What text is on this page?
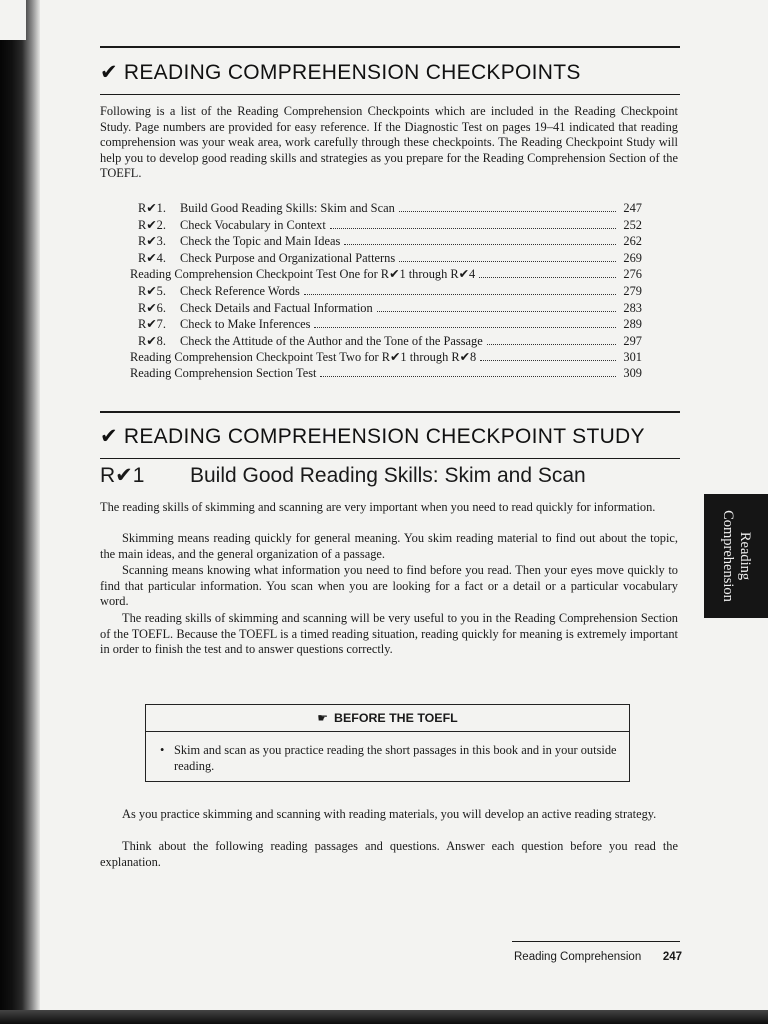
✔ READING COMPREHENSION CHECKPOINTS

Following is a list of the Reading Comprehension Checkpoints which are included in the Reading Checkpoint Study. Page numbers are provided for easy reference. If the Diagnostic Test on pages 19–41 indicated that reading comprehension was your weak area, work carefully through these checkpoints. The Reading Checkpoint Study will help you to develop good reading skills and strategies as you prepare for the Reading Comprehension Section of the TOEFL.

R✔1.	Build Good Reading Skills: Skim and Scan	247
R✔2.	Check Vocabulary in Context	252
R✔3.	Check the Topic and Main Ideas	262
R✔4.	Check Purpose and Organizational Patterns	269
Reading Comprehension Checkpoint Test One for R✔1 through R✔4	276
R✔5.	Check Reference Words	279
R✔6.	Check Details and Factual Information	283
R✔7.	Check to Make Inferences	289
R✔8.	Check the Attitude of the Author and the Tone of the Passage	297
Reading Comprehension Checkpoint Test Two for R✔1 through R✔8	301
Reading Comprehension Section Test	309
✔ READING COMPREHENSION CHECKPOINT STUDY
R✔1 Build Good Reading Skills: Skim and Scan

The reading skills of skimming and scanning are very important when you need to read quickly for information.

Skimming means reading quickly for general meaning. You skim reading material to find out about the topic, the main ideas, and the general organization of a passage.

Scanning means knowing what information you need to find before you read. Then your eyes move quickly to find that particular information. You scan when you are looking for a fact or a detail or a particular vocabulary word.

The reading skills of skimming and scanning will be very useful to you in the Reading Comprehension Section of the TOEFL. Because the TOEFL is a timed reading situation, reading quickly for meaning is extremely important in order to finish the test and to answer questions correctly.

☛ BEFORE THE TOEFL
• Skim and scan as you practice reading the short passages in this book and in your outside reading.

As you practice skimming and scanning with reading materials, you will develop an active reading strategy.

Think about the following reading passages and questions. Answer each question before you read the explanation.

Reading
Comprehension
Reading Comprehension 247
